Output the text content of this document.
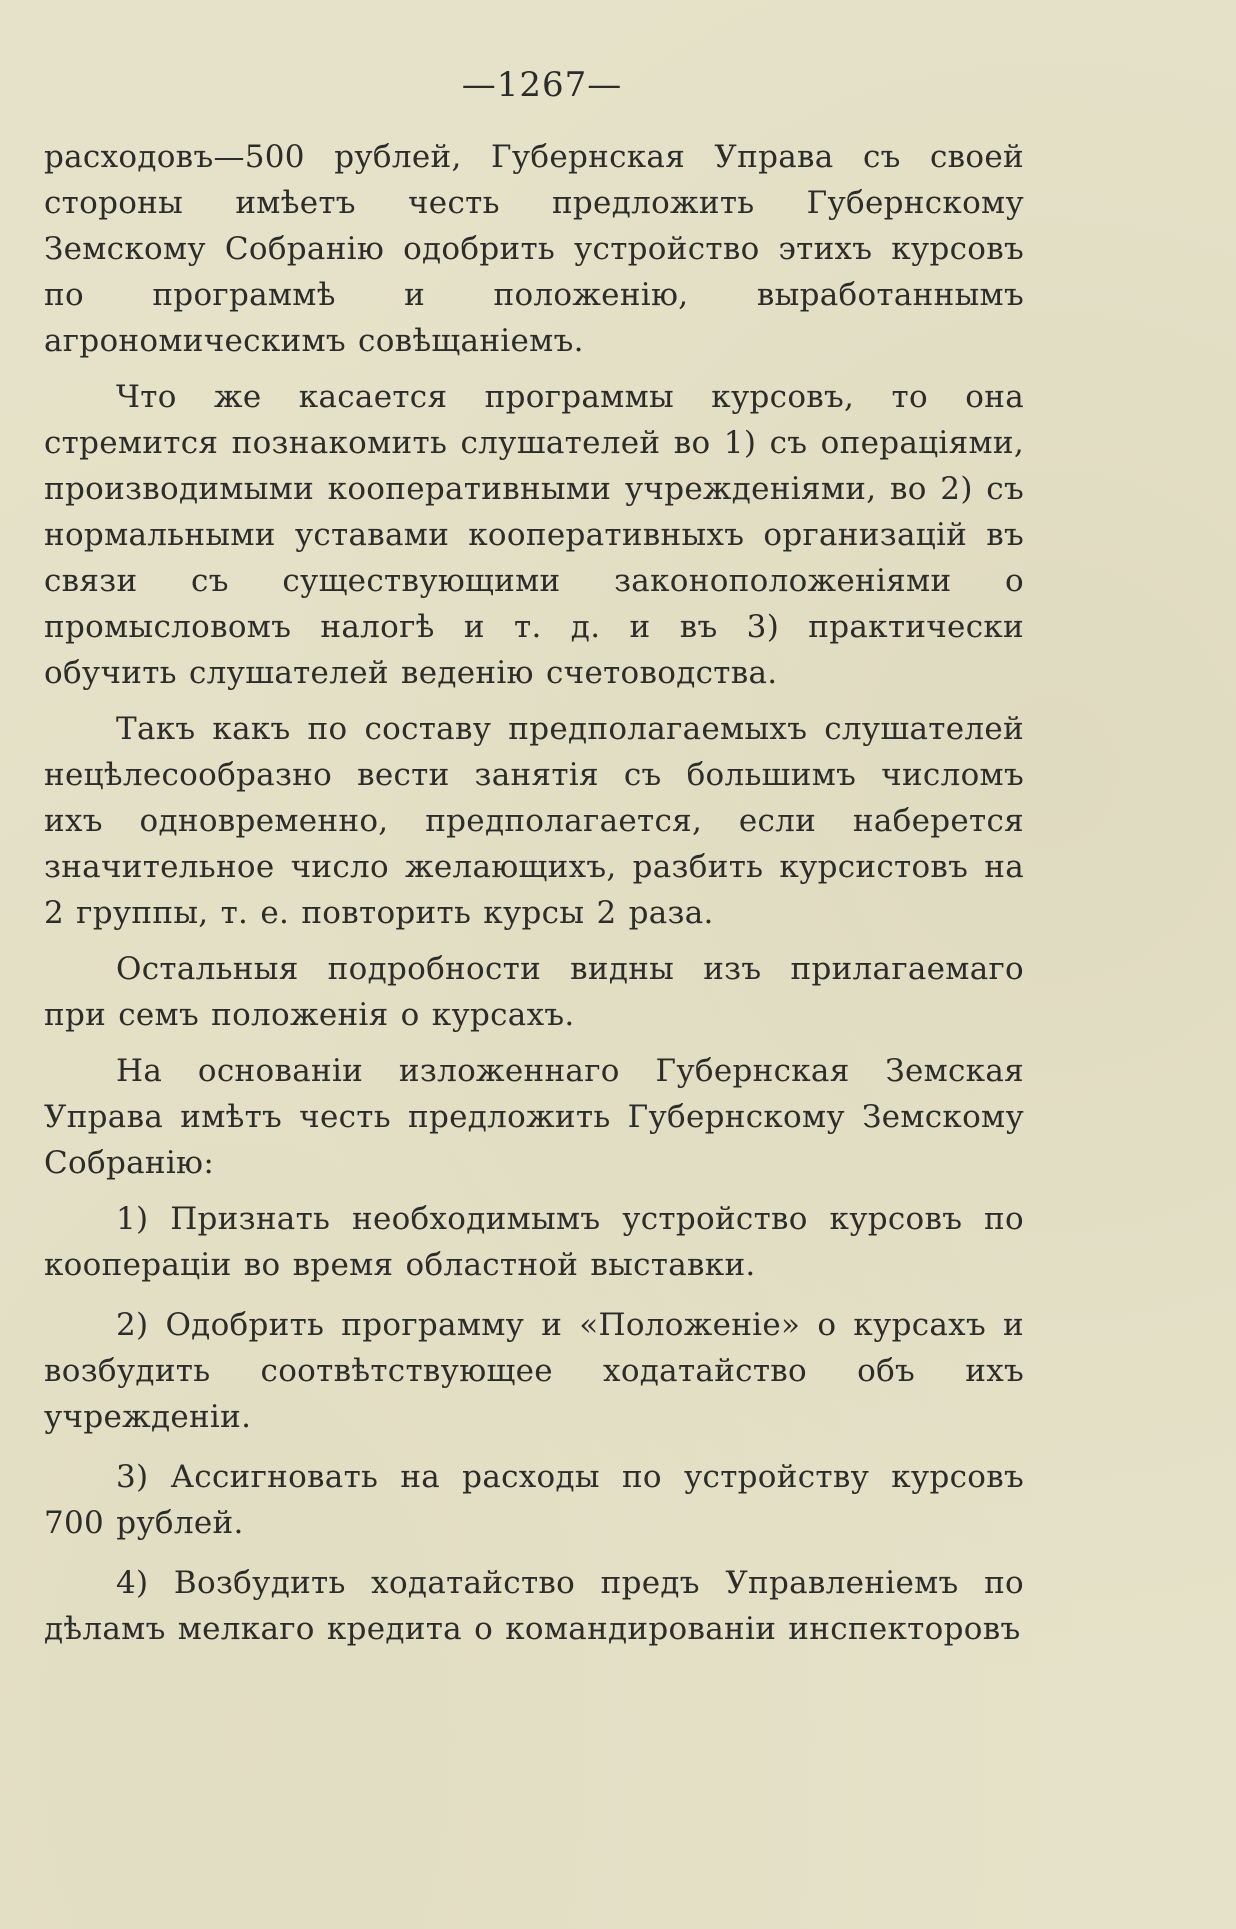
—1267—

расходовъ—500 рублей, Губернская Управа съ своей стороны имѣетъ честь предложить Губернскому Земскому Собранію одобрить устройство этихъ курсовъ по программѣ и положенію, выработаннымъ агрономическимъ совѣщаніемъ.

Что же касается программы курсовъ, то она стремится познакомить слушателей во 1) съ операціями, производимыми кооперативными учрежденіями, во 2) съ нормальными уставами кооперативныхъ организацій въ связи съ существующими законоположеніями о промысловомъ налогѣ и т. д. и въ 3) практически обучить слушателей веденію счетоводства.

Такъ какъ по составу предполагаемыхъ слушателей нецѣлесообразно вести занятія съ большимъ числомъ ихъ одновременно, предполагается, если наберется значительное число желающихъ, разбить курсистовъ на 2 группы, т. е. повторить курсы 2 раза.

Остальныя подробности видны изъ прилагаемаго при семъ положенія о курсахъ.

На основаніи изложеннаго Губернская Земская Управа имѣтъ честь предложить Губернскому Земскому Собранію:

1) Признать необходимымъ устройство курсовъ по коопераціи во время областной выставки.

2) Одобрить программу и «Положеніе» о курсахъ и возбудить соотвѣтствующее ходатайство объ ихъ учрежденіи.

3) Ассигновать на расходы по устройству курсовъ 700 рублей.

4) Возбудить ходатайство предъ Управленіемъ по дѣламъ мелкаго кредита о командированіи инспекторовъ
